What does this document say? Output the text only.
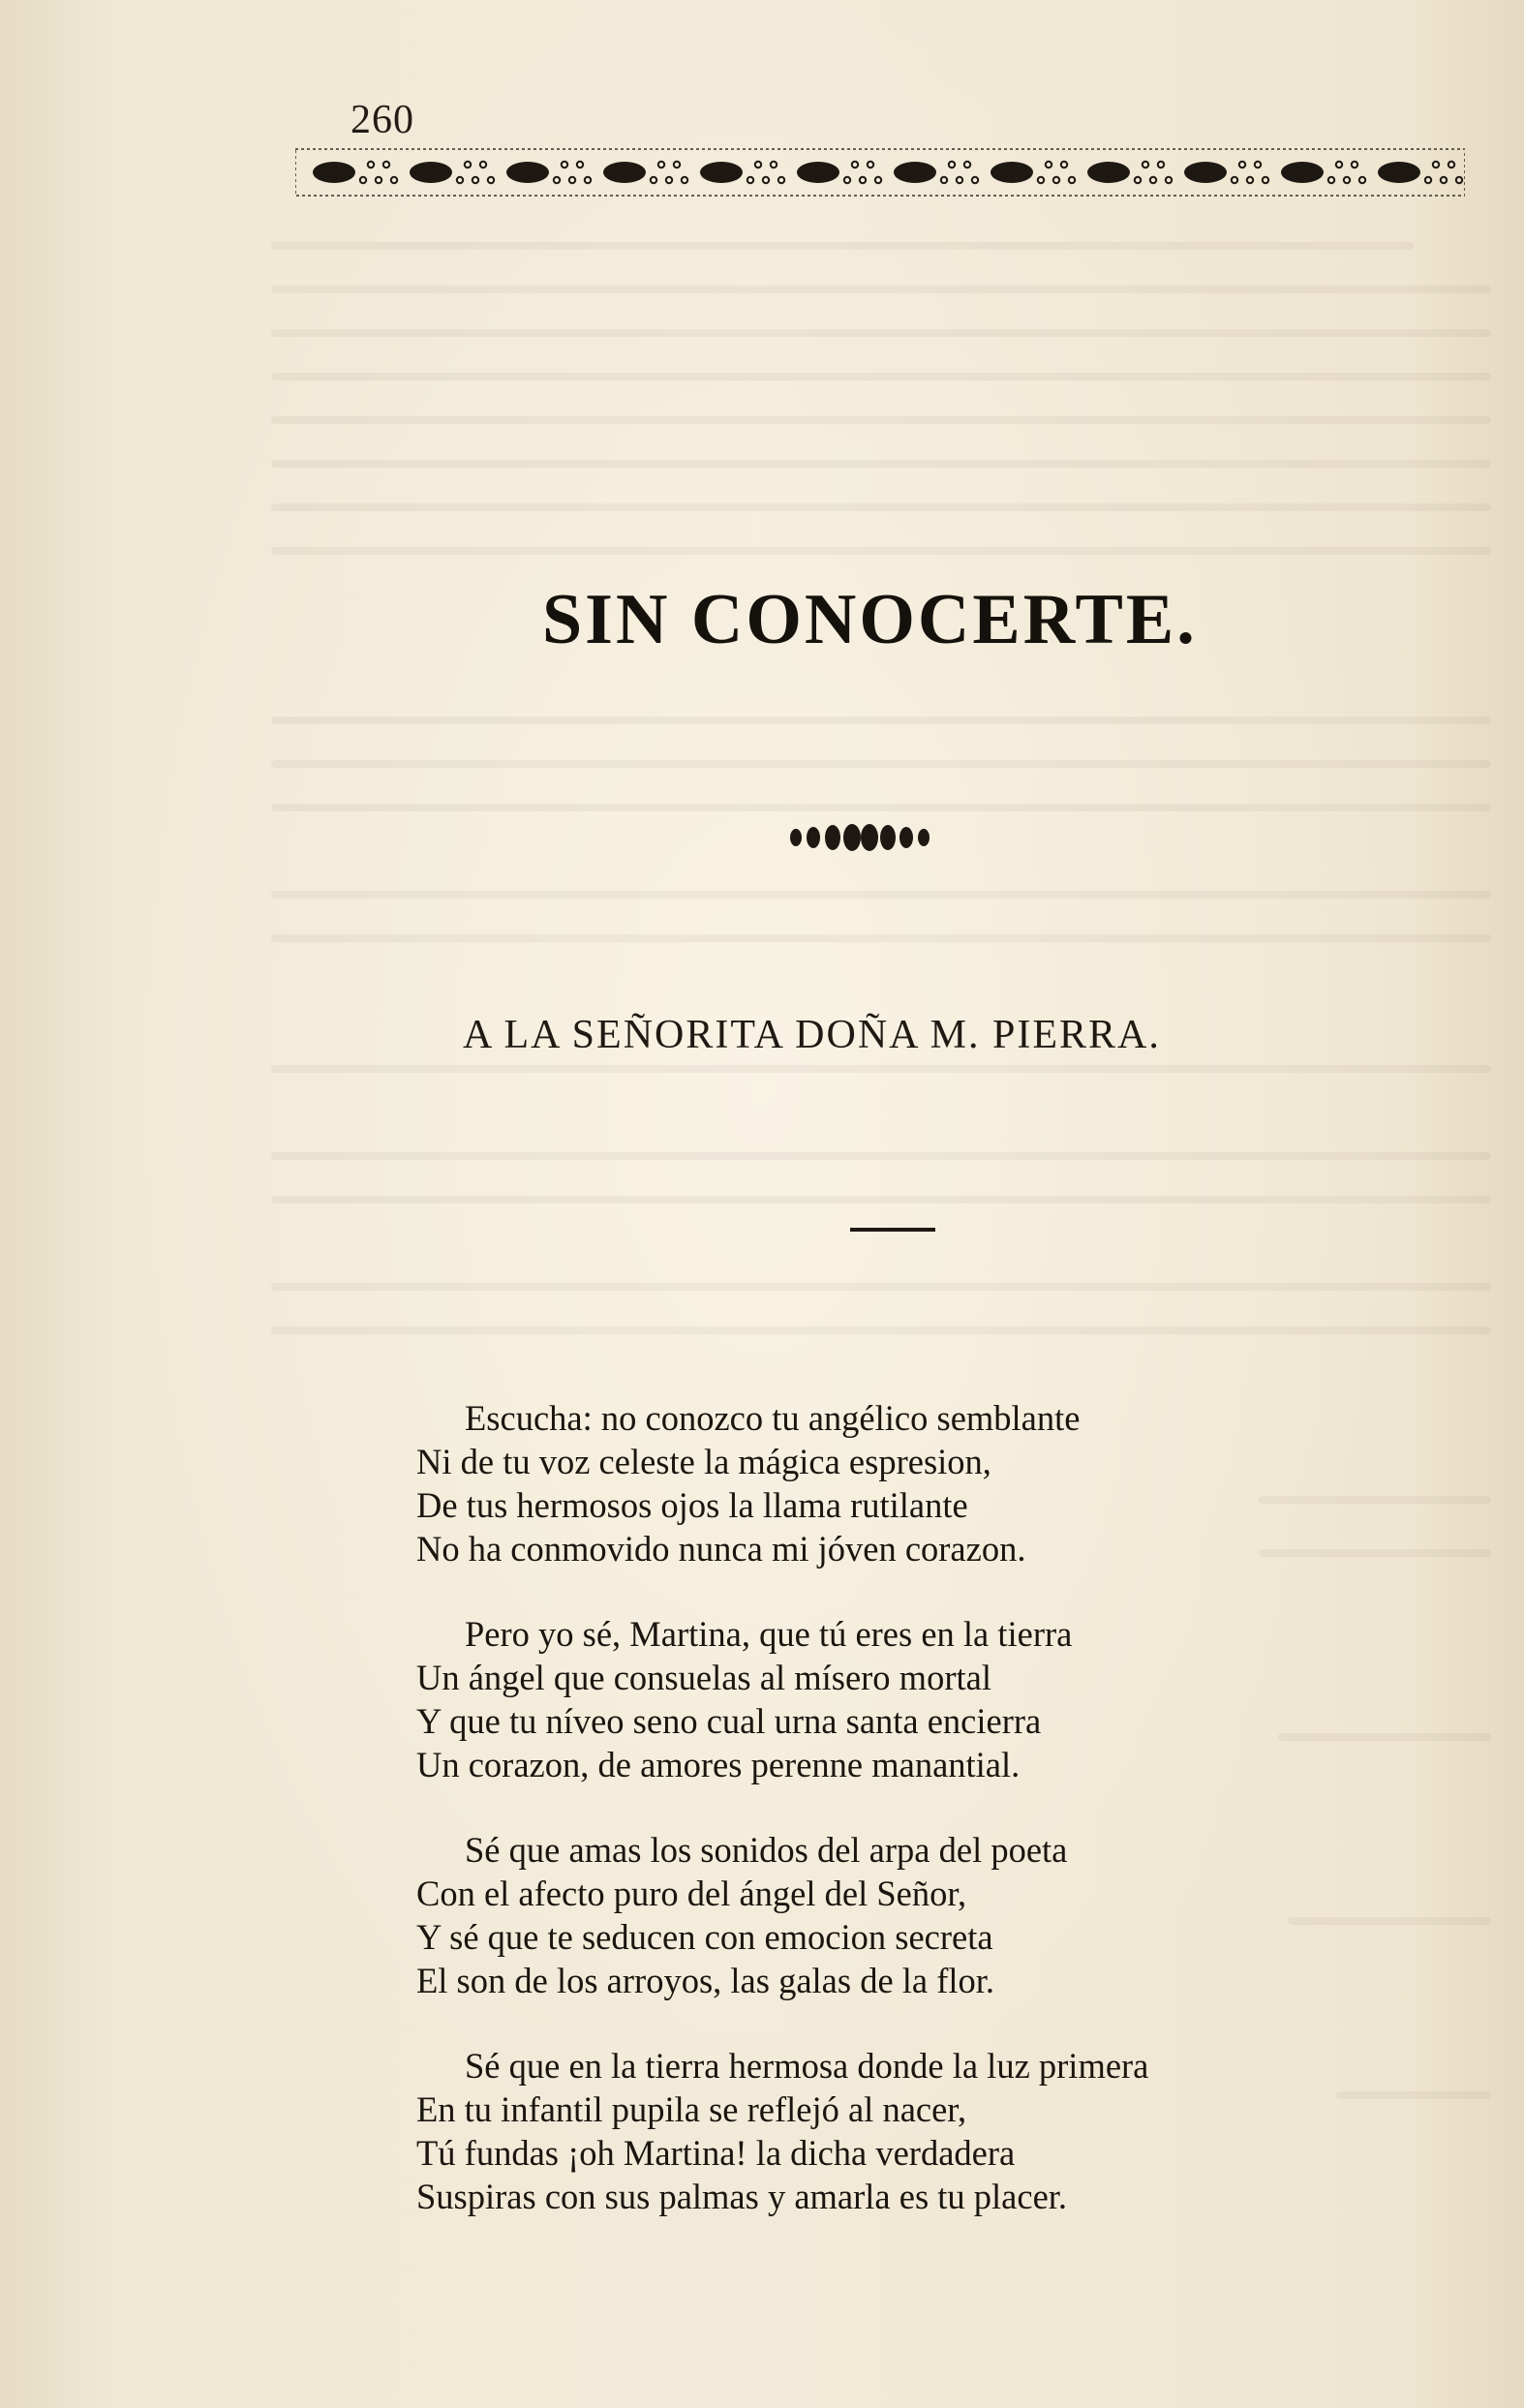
260
SIN CONOCERTE.
A LA SEÑORITA DOÑA M. PIERRA.
Escucha: no conozco tu angélico semblante
Ni de tu voz celeste la mágica espresion,
De tus hermosos ojos la llama rutilante
No ha conmovido nunca mi jóven corazon.
Pero yo sé, Martina, que tú eres en la tierra
Un ángel que consuelas al mísero mortal
Y que tu níveo seno cual urna santa encierra
Un corazon, de amores perenne manantial.
Sé que amas los sonidos del arpa del poeta
Con el afecto puro del ángel del Señor,
Y sé que te seducen con emocion secreta
El son de los arroyos, las galas de la flor.
Sé que en la tierra hermosa donde la luz primera
En tu infantil pupila se reflejó al nacer,
Tú fundas ¡oh Martina! la dicha verdadera
Suspiras con sus palmas y amarla es tu placer.
